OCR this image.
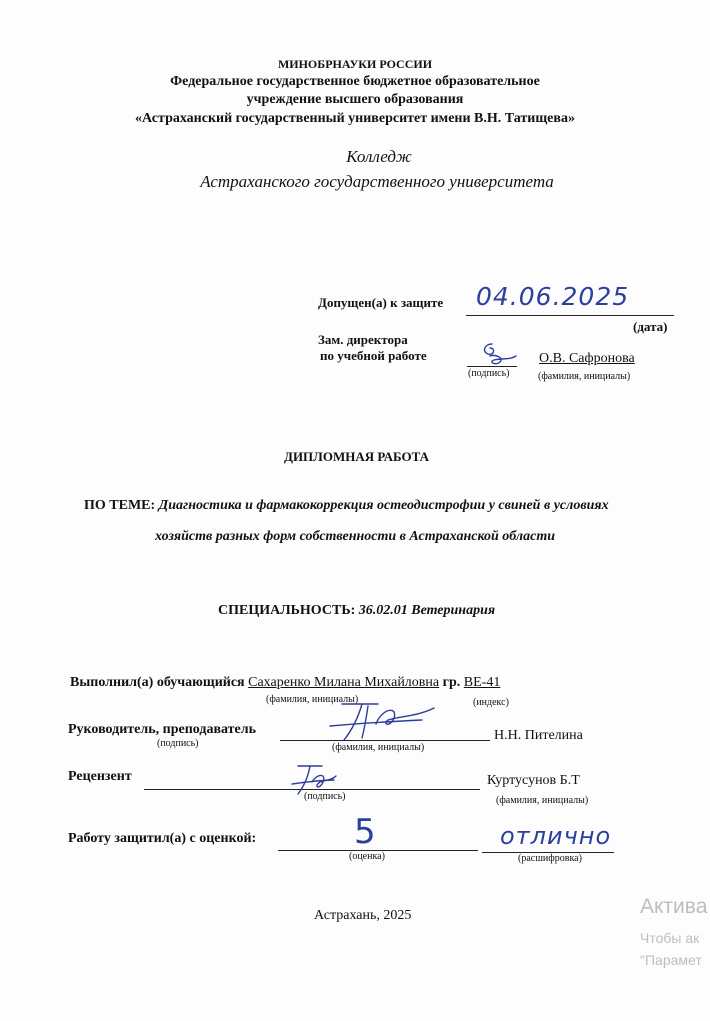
МИНОБРНАУКИ РОССИИ
Федеральное государственное бюджетное образовательное
учреждение высшего образования
«Астраханский государственный университет имени В.Н. Татищева»
Колледж
Астраханского государственного университета
Допущен(а) к защите 04.06.2025
(дата)
Зам. директора
по учебной работе
(подпись)
О.В. Сафронова
(фамилия, инициалы)
ДИПЛОМНАЯ РАБОТА
ПО ТЕМЕ: Диагностика и фармакокоррекция остеодистрофии у свиней в условиях
хозяйств разных форм собственности в Астраханской области
СПЕЦИАЛЬНОСТЬ: 36.02.01 Ветеринария
Выполнил(а) обучающийся Сахаренко Милана Михайловна гр. ВЕ-41
(фамилия, инициалы)	(индекс)
Руководитель, преподаватель	Н.Н. Пителина
(подпись)	(фамилия, инициалы)
Рецензент	Куртусунов Б.Т
(подпись)	(фамилия, инициалы)
Работу защитил(а) с оценкой:	5
(оценка)
отлично
(расшифровка)
Астрахань, 2025	Актива
Чтобы ак
"Парамет
